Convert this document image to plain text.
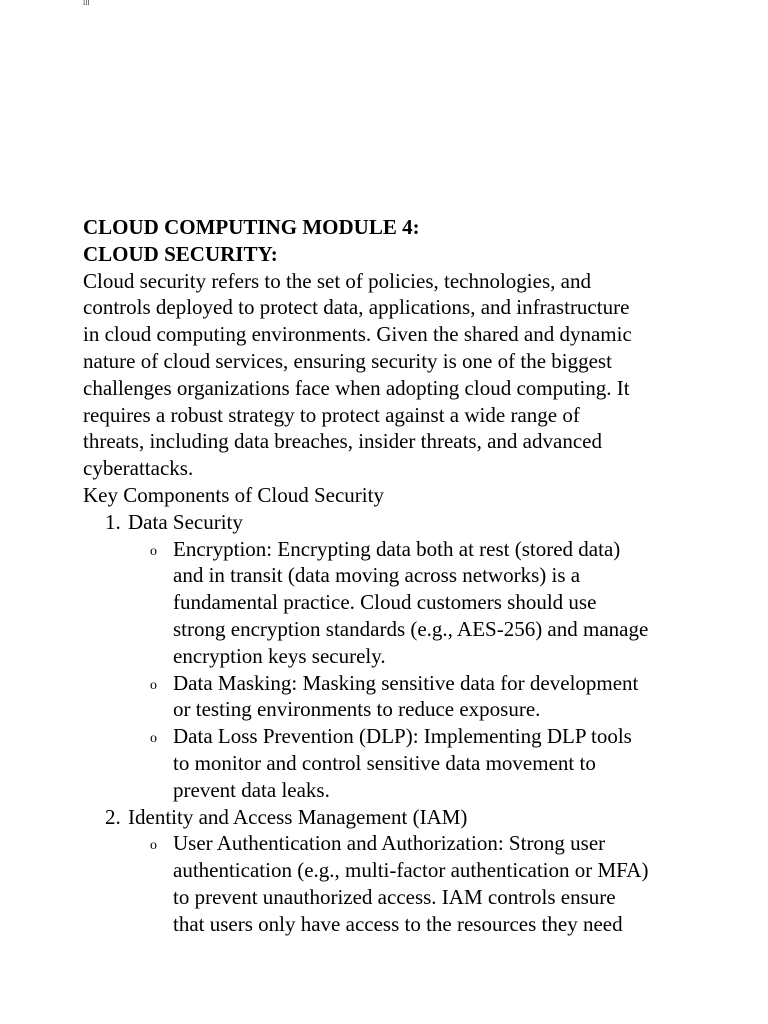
lll

CLOUD COMPUTING MODULE 4:

CLOUD SECURITY:

Cloud security refers to the set of policies, technologies, and
controls deployed to protect data, applications, and infrastructure
in cloud computing environments. Given the shared and dynamic
nature of cloud services, ensuring security is one of the biggest
challenges organizations face when adopting cloud computing. It
requires a robust strategy to protect against a wide range of
threats, including data breaches, insider threats, and advanced
cyberattacks.

Key Components of Cloud Security

1. Data Security
o Encryption: Encrypting data both at rest (stored data)
and in transit (data moving across networks) is a
fundamental practice. Cloud customers should use
strong encryption standards (e.g., AES-256) and manage
encryption keys securely.
o Data Masking: Masking sensitive data for development
or testing environments to reduce exposure.
o Data Loss Prevention (DLP): Implementing DLP tools
to monitor and control sensitive data movement to
prevent data leaks.
2. Identity and Access Management (IAM)
o User Authentication and Authorization: Strong user
authentication (e.g., multi-factor authentication or MFA)
to prevent unauthorized access. IAM controls ensure
that users only have access to the resources they need
